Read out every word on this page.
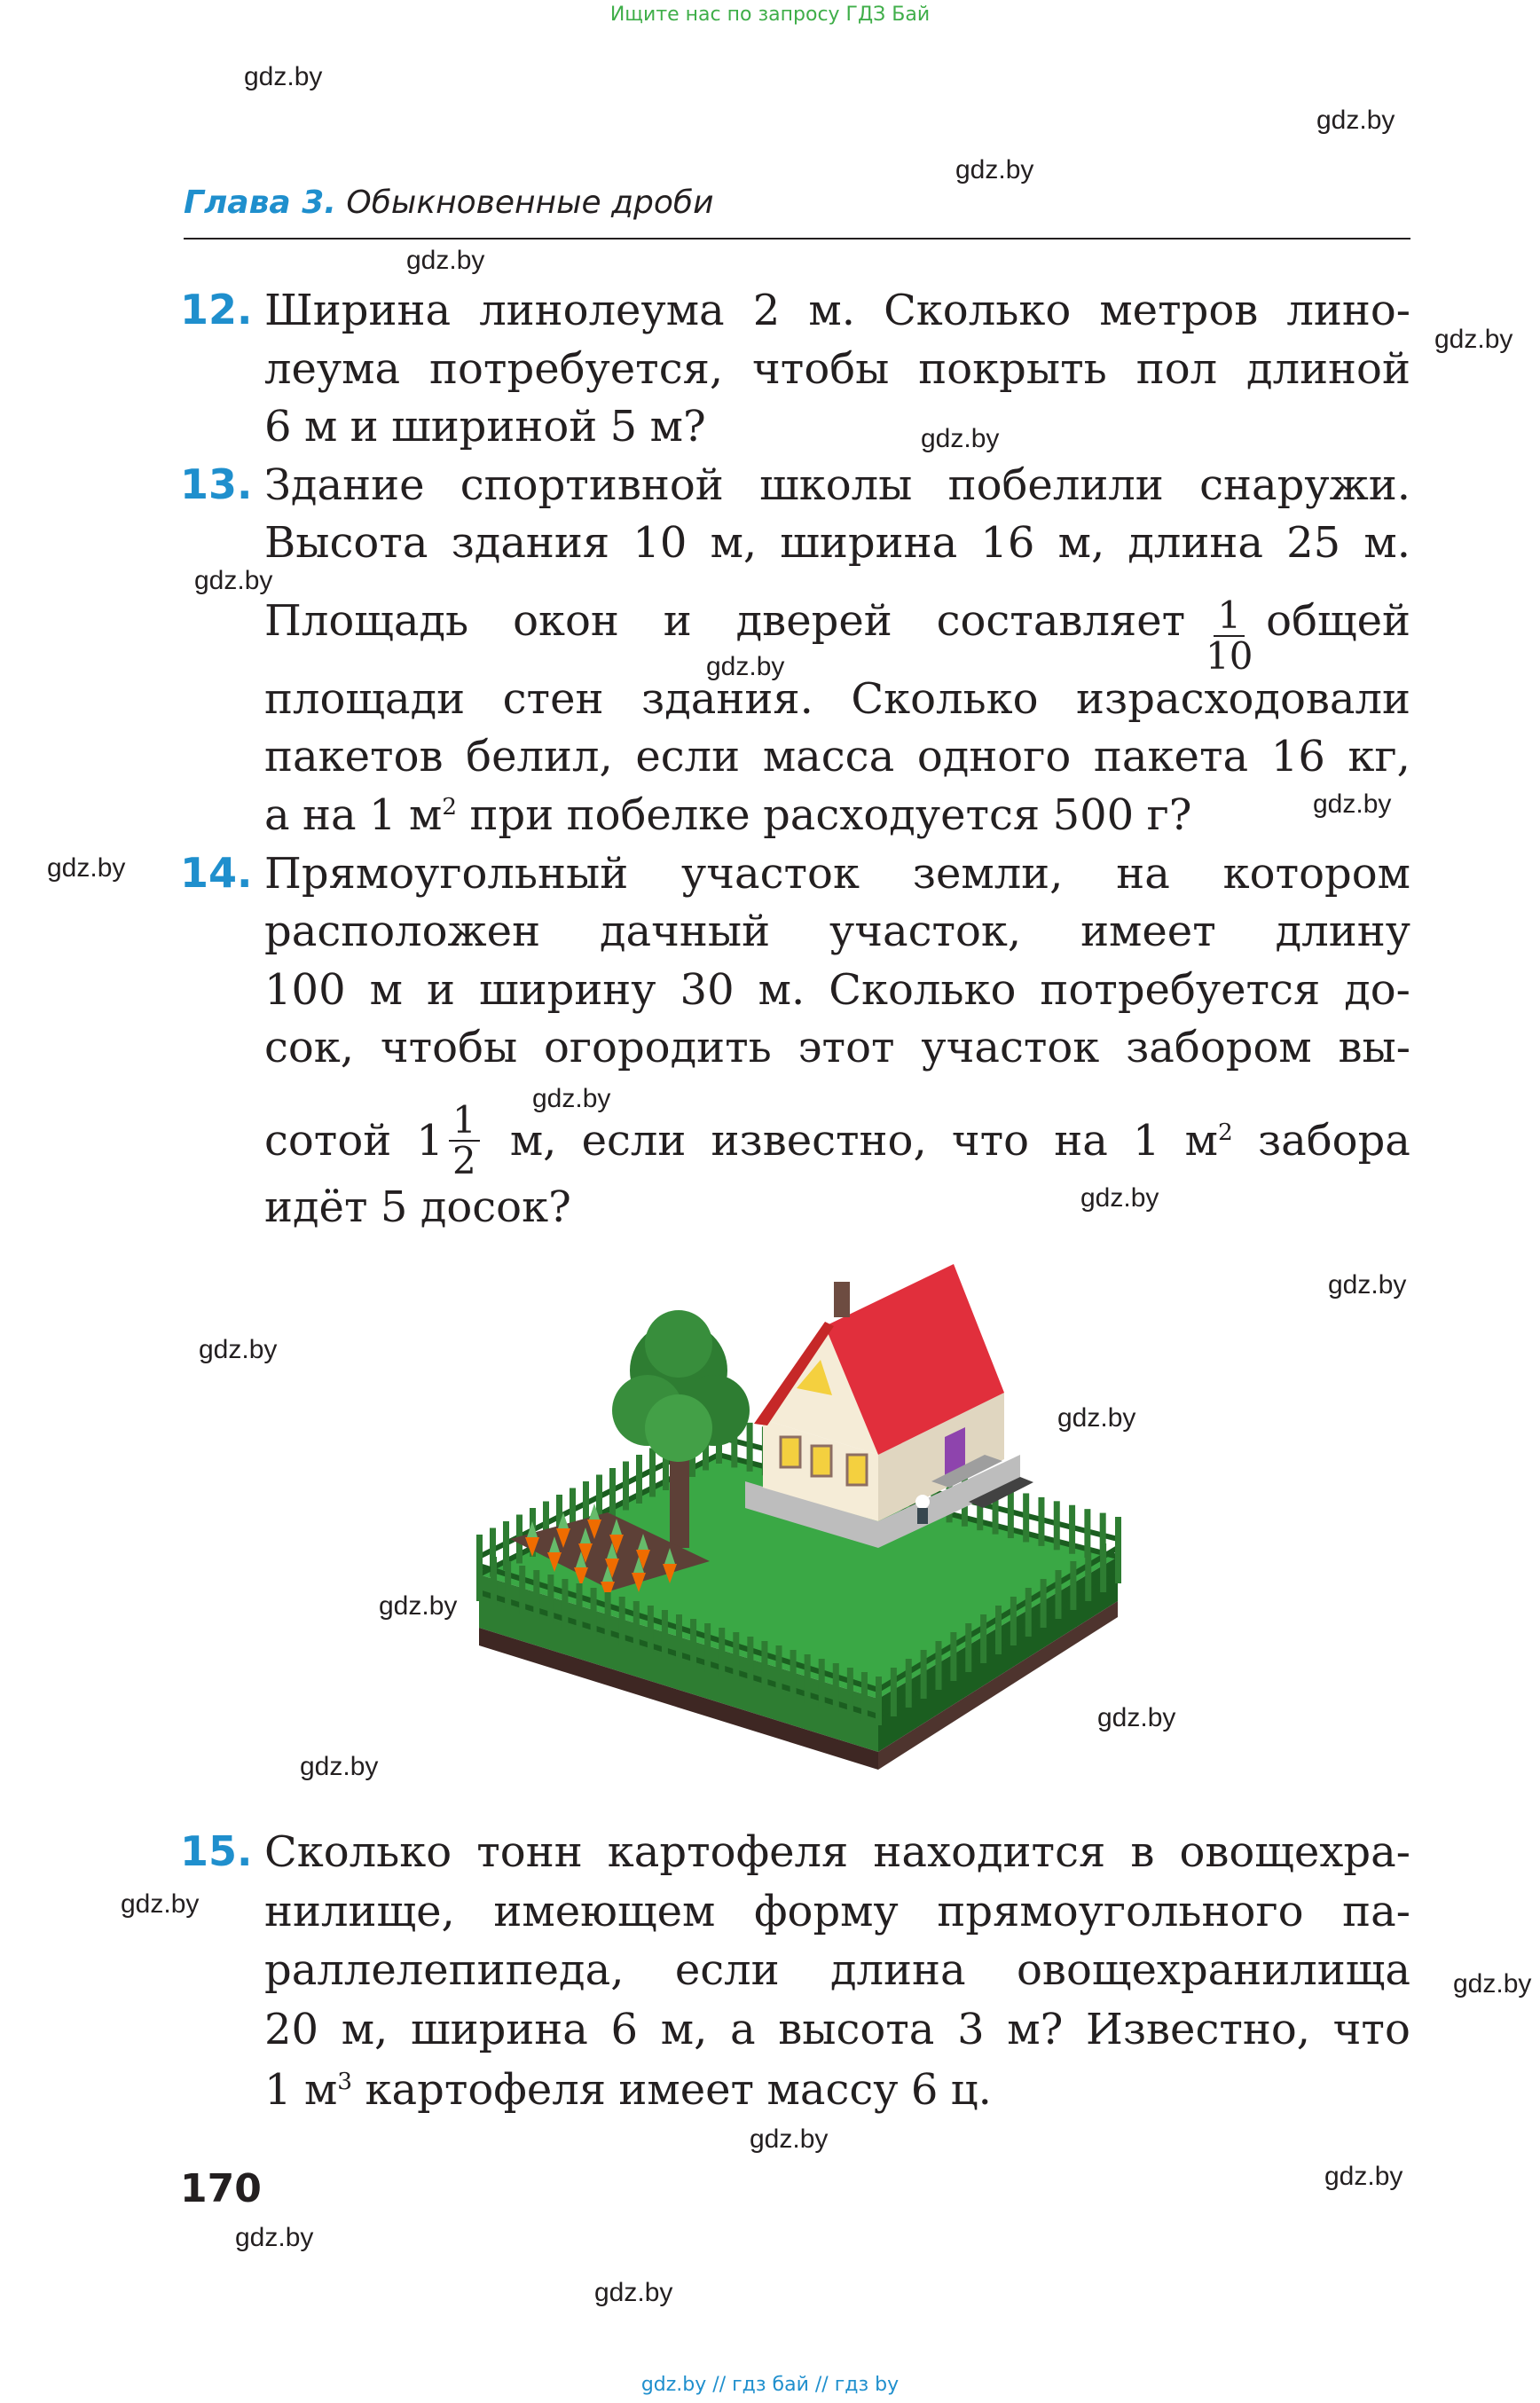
Ищите нас по запросу ГДЗ Бай
gdz.by
gdz.by
gdz.by
gdz.by
gdz.by
gdz.by
gdz.by
gdz.by
gdz.by
gdz.by
gdz.by
gdz.by
gdz.by
gdz.by
gdz.by
gdz.by
gdz.by
gdz.by
gdz.by
gdz.by
gdz.by
gdz.by
gdz.by
gdz.by
Глава 3. Обыкновенные дроби
12. Ширина линолеума 2 м. Сколько метров лино-
леума потребуется, чтобы покрыть пол длиной
6 м и шириной 5 м?
13. Здание спортивной школы побелили снаружи.
Высота здания 10 м, ширина 16 м, длина 25 м.
Площадь окон и дверей составляет $\frac{1}{10}$ общей
площади стен здания. Сколько израсходовали
пакетов белил, если масса одного пакета 16 кг,
а на 1 $м^2$ при побелке расходуется 500 г?
14. Прямоугольный участок земли, на котором
расположен дачный участок, имеет длину
100 м и ширину 30 м. Сколько потребуется до-
сок, чтобы огородить этот участок забором вы-
сотой $1 \frac{1}{2} м$, если известно, что на 1 $м^2$ забора
идёт 5 досок?
15. Сколько тонн картофеля находится в овощехра-
нилище, имеющем форму прямоугольного па-
раллелепипеда, если длина овощехранилища
20 м, ширина 6 м, а высота 3 м? Известно, что
1 $м^3$ картофеля имеет массу 6 ц.
170
gdz.by // гдз бай // гдз by
